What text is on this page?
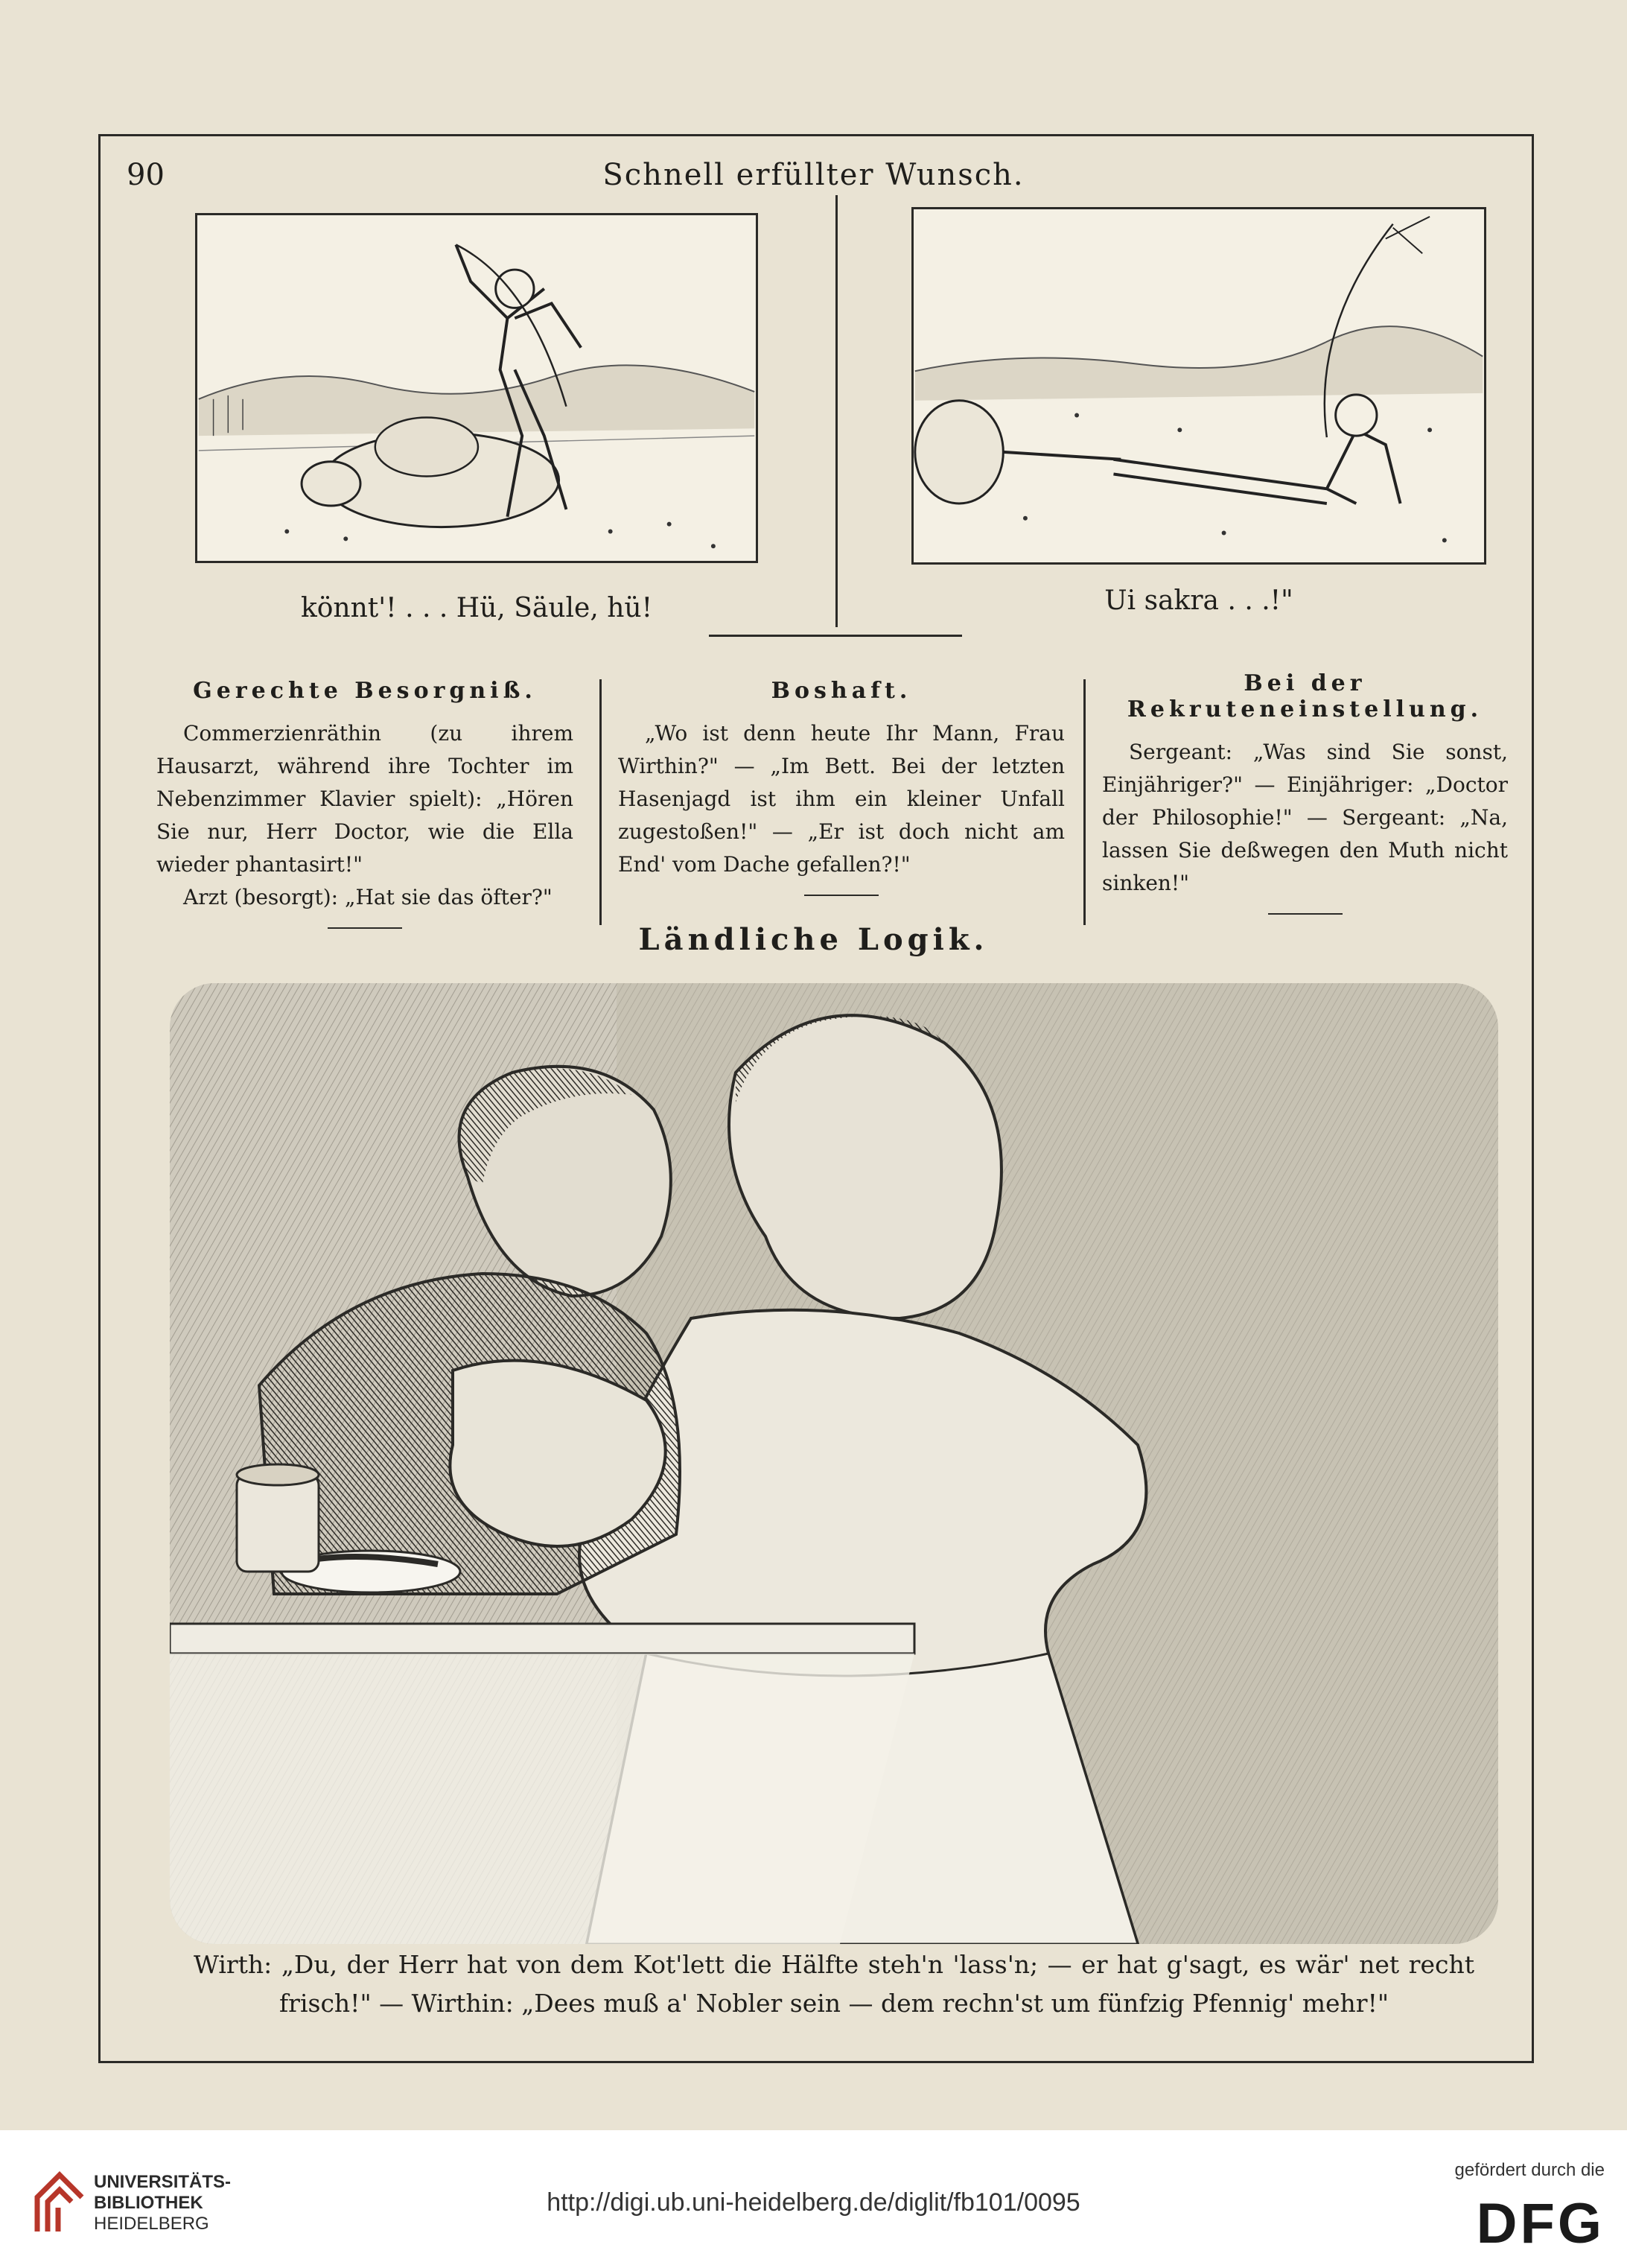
90	Schnell erfüllter Wunsch.
könnt'! . . . Hü, Säule, hü!	Ui sakra . . .!"
Gerechte Besorgniß.

Commerzienräthin (zu ihrem Hausarzt, während ihre Tochter im Nebenzimmer Klavier spielt): „Hören Sie nur, Herr Doctor, wie die Ella wieder phantasirt!"

Arzt (besorgt): „Hat sie das öfter?"

Boshaft.

„Wo ist denn heute Ihr Mann, Frau Wirthin?" — „Im Bett. Bei der letzten Hasenjagd ist ihm ein kleiner Unfall zugestoßen!" — „Er ist doch nicht am End' vom Dache gefallen?!"

Bei der Rekruteneinstellung.

Sergeant: „Was sind Sie sonst, Einjähriger?" — Einjähriger: „Doctor der Philosophie!" — Sergeant: „Na, lassen Sie deßwegen den Muth nicht sinken!"

Ländliche Logik.
Wirth: „Du, der Herr hat von dem Kot'lett die Hälfte steh'n 'lass'n; — er hat g'sagt, es wär' net recht frisch!" — Wirthin: „Dees muß a' Nobler sein — dem rechn'st um fünfzig Pfennig' mehr!"
UNIVERSITÄTS-
BIBLIOTHEK
HEIDELBERG
http://digi.ub.uni-heidelberg.de/diglit/fb101/0095
gefördert durch die
DFG
